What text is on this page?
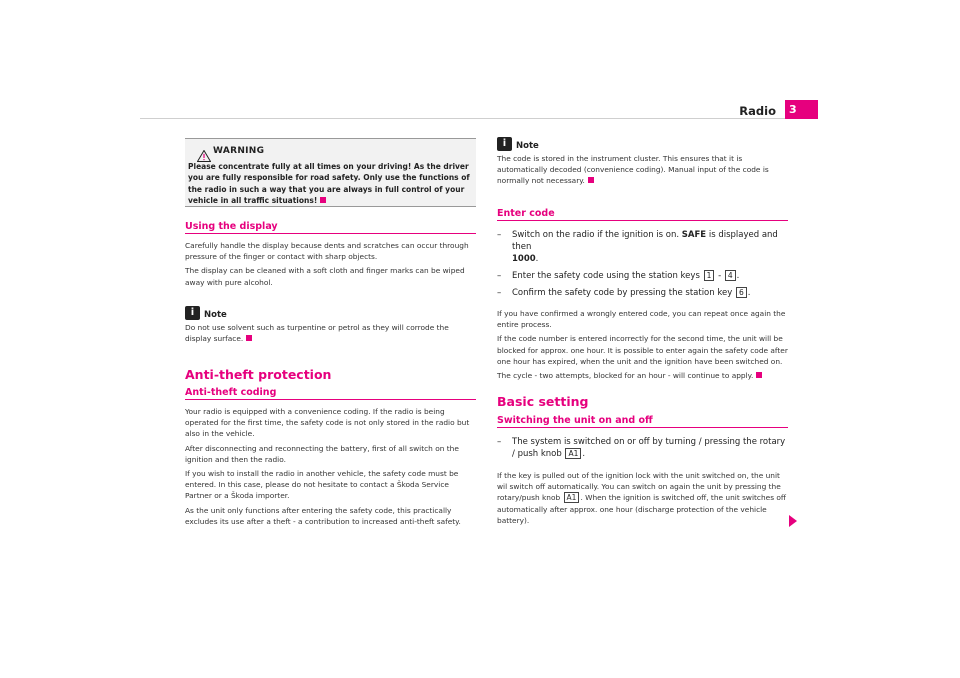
Radio	3
WARNING
Please concentrate fully at all times on your driving! As the driver you are fully responsible for road safety. Only use the functions of the radio in such a way that you are always in full control of your vehicle in all traffic situations!
Using the display

Carefully handle the display because dents and scratches can occur through pressure of the finger or contact with sharp objects.

The display can be cleaned with a soft cloth and finger marks can be wiped away with pure alcohol.

i	Note

Do not use solvent such as turpentine or petrol as they will corrode the display surface.

Anti-theft protection
Anti-theft coding

Your radio is equipped with a convenience coding. If the radio is being operated for the first time, the safety code is not only stored in the radio but also in the vehicle.

After disconnecting and reconnecting the battery, first of all switch on the ignition and then the radio.

If you wish to install the radio in another vehicle, the safety code must be entered. In this case, please do not hesitate to contact a Škoda Service Partner or a Škoda importer.

As the unit only functions after entering the safety code, this practically excludes its use after a theft - a contribution to increased anti-theft safety.

i	Note

The code is stored in the instrument cluster. This ensures that it is automatically decoded (convenience coding). Manual input of the code is normally not necessary.

Enter code
–	Switch on the radio if the ignition is on. SAFE is displayed and then
1000.
–	Enter the safety code using the station keys 1 - 4 .
–	Confirm the safety code by pressing the station key 6 .

If you have confirmed a wrongly entered code, you can repeat once again the entire process.

If the code number is entered incorrectly for the second time, the unit will be blocked for approx. one hour. It is possible to enter again the safety code after one hour has expired, when the unit and the ignition have been switched on.

The cycle - two attempts, blocked for an hour - will continue to apply.

Basic setting
Switching the unit on and off
–	The system is switched on or off by turning / pressing the rotary / push knob A1 .

If the key is pulled out of the ignition lock with the unit switched on, the unit wil switch off automatically. You can switch on again the unit by pressing the rotary/push knob A1 . When the ignition is switched off, the unit switches off automatically after approx. one hour (discharge protection of the vehicle battery).
